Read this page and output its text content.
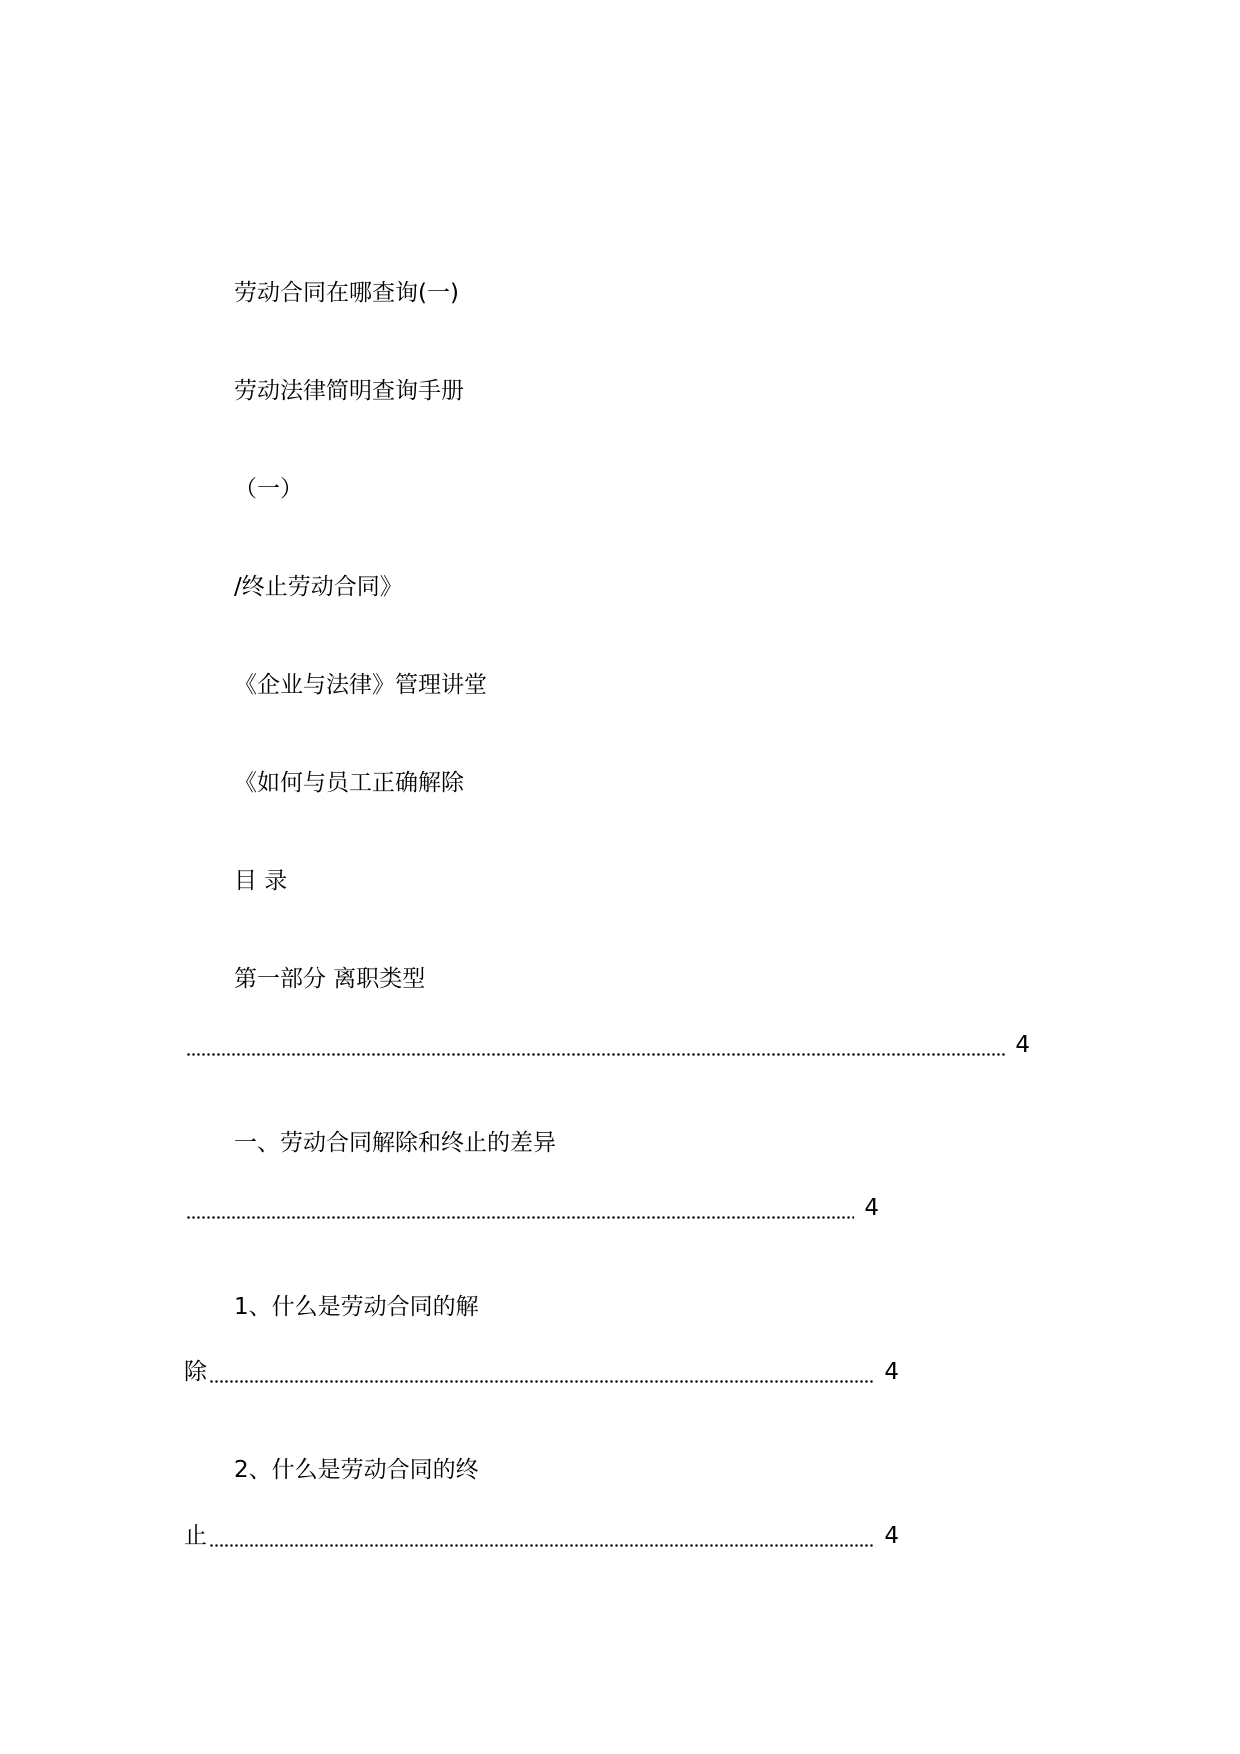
劳动合同在哪查询(一)
劳动法律简明查询手册
（一）
/终止劳动合同》
《企业与法律》管理讲堂
《如何与员工正确解除
目 录
第一部分 离职类型
4
一、劳动合同解除和终止的差异
4
1、什么是劳动合同的解
除	4
2、什么是劳动合同的终
止	4
